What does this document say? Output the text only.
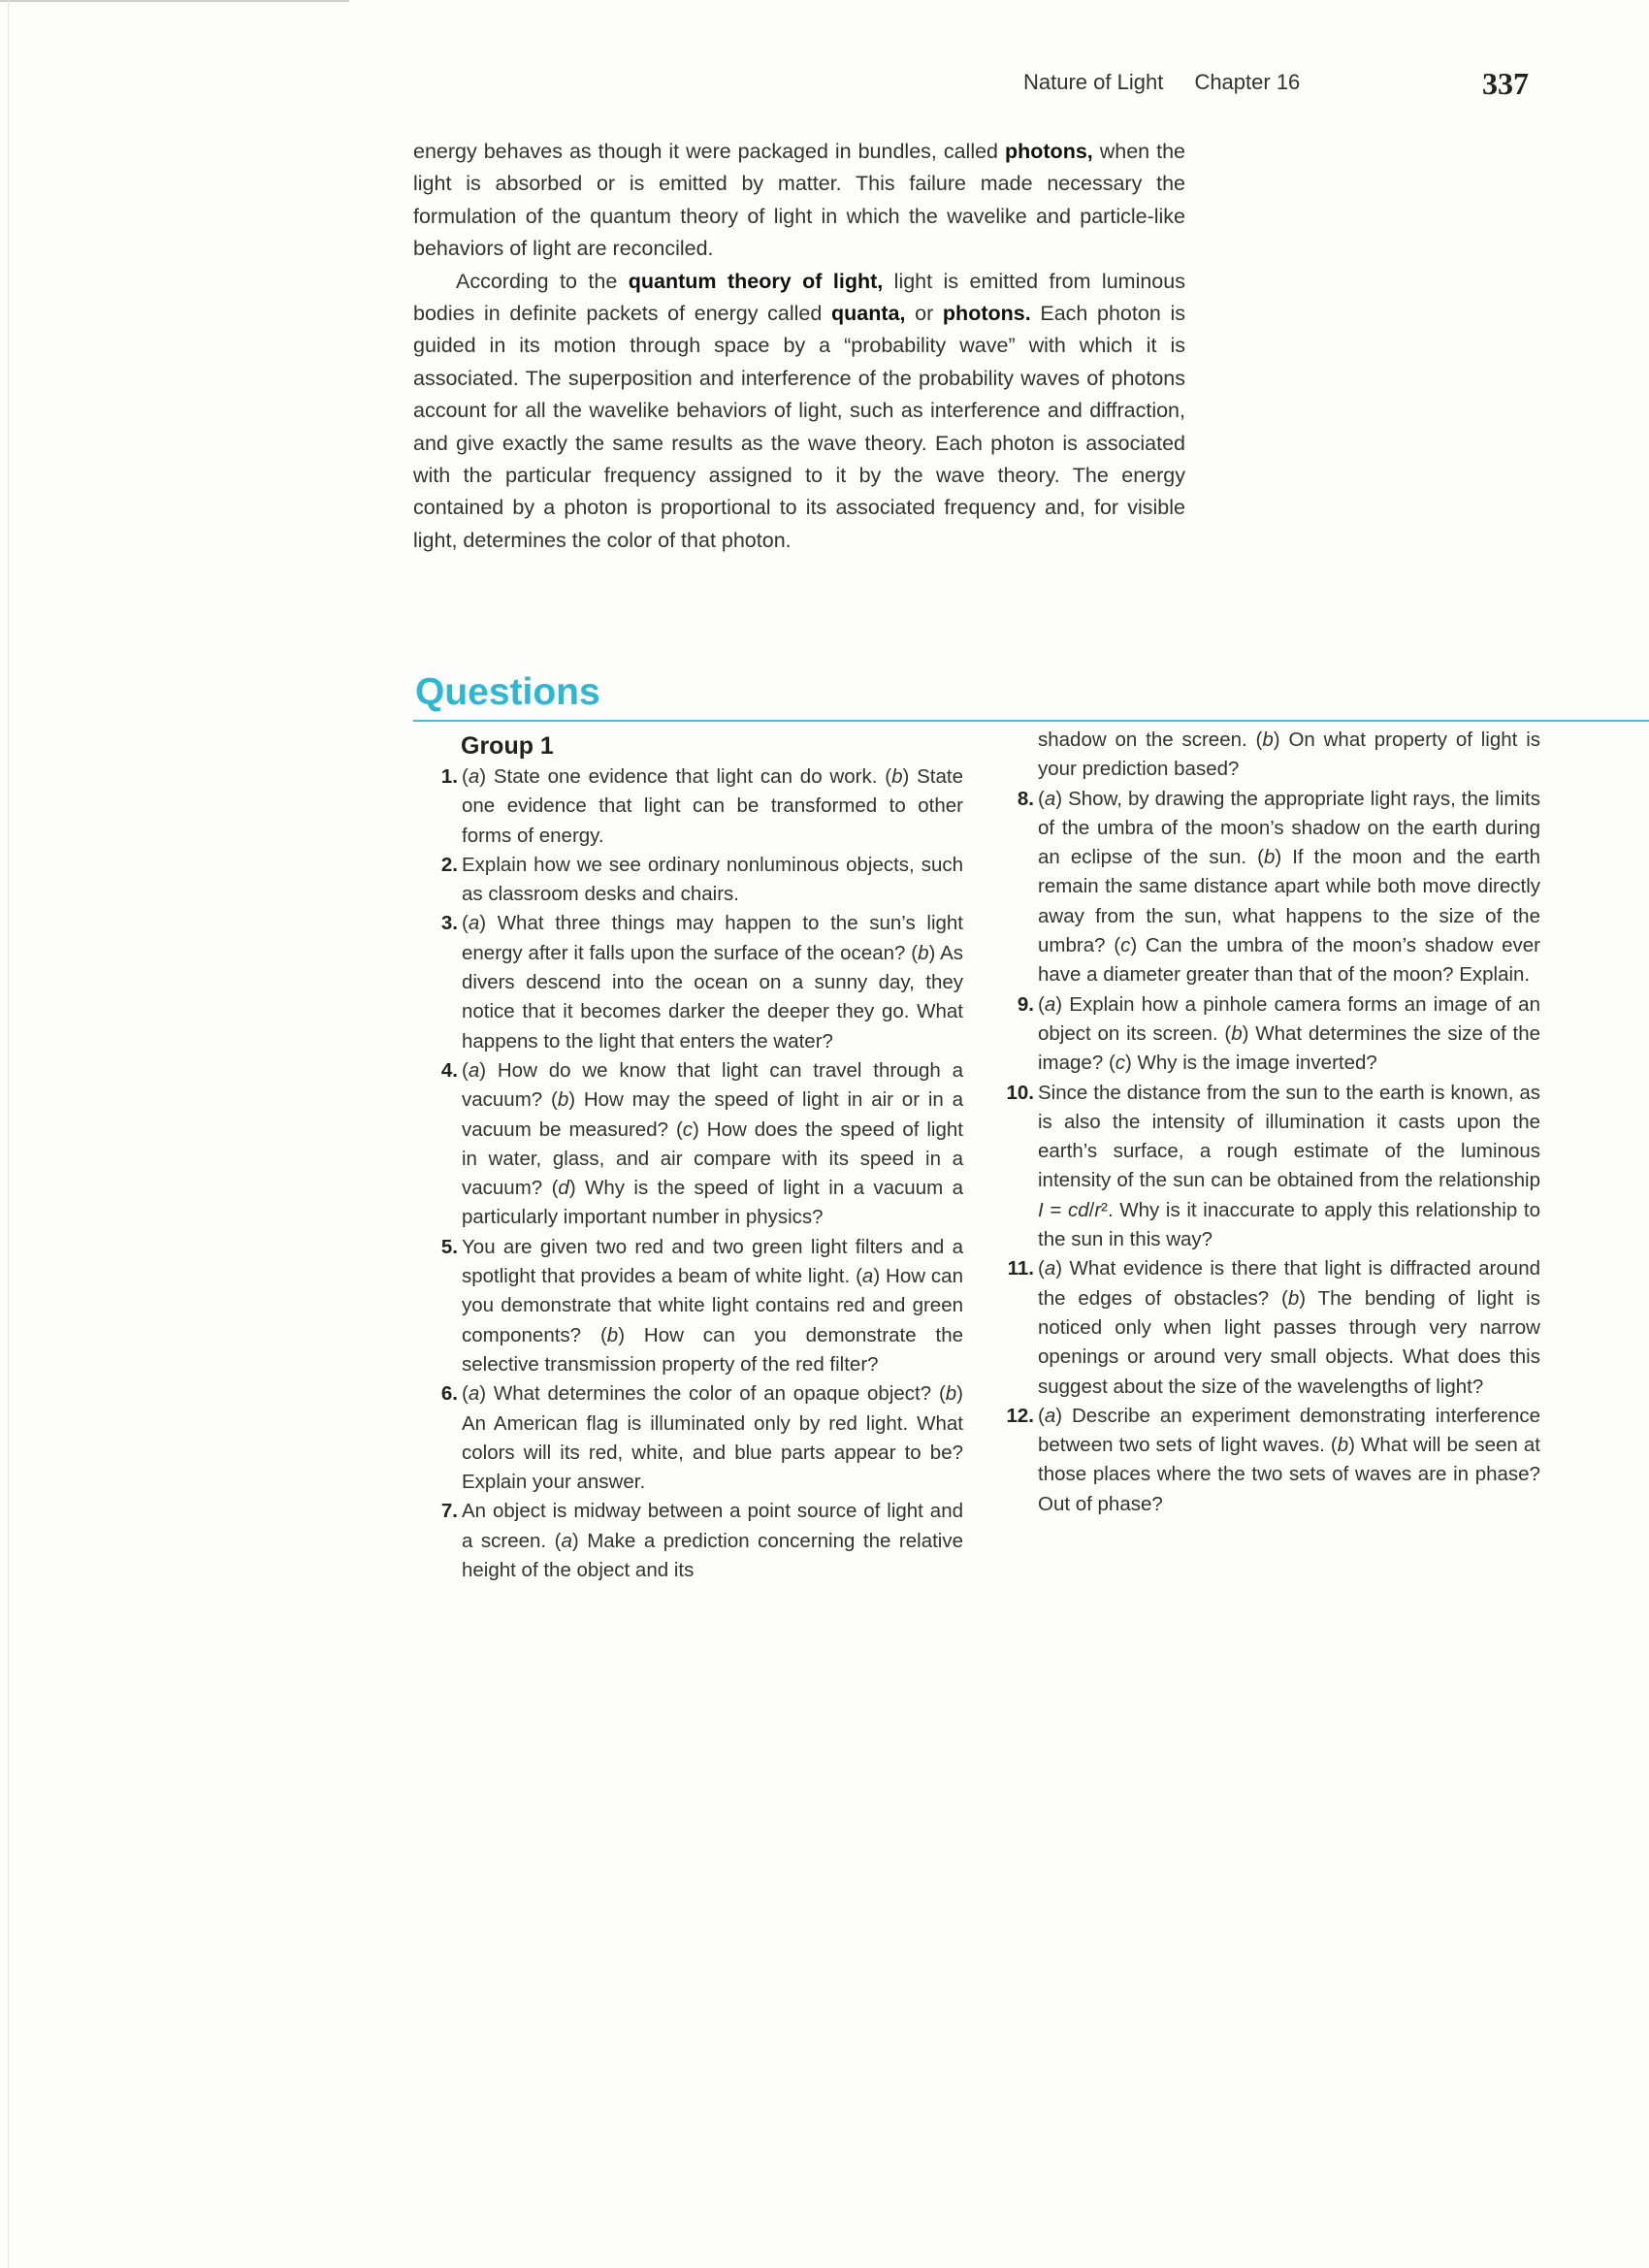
Nature of Light Chapter 16	337

energy behaves as though it were packaged in bundles, called photons, when the light is absorbed or is emitted by matter. This failure made necessary the formulation of the quantum theory of light in which the wavelike and particle-like behaviors of light are reconciled.

According to the quantum theory of light, light is emitted from luminous bodies in definite packets of energy called quanta, or photons. Each photon is guided in its motion through space by a “probability wave” with which it is associated. The superposition and interference of the probability waves of photons account for all the wavelike behaviors of light, such as interference and diffraction, and give exactly the same results as the wave theory. Each photon is associated with the particular frequency assigned to it by the wave theory. The energy contained by a photon is proportional to its associated frequency and, for visible light, determines the color of that photon.

Questions
Group 1
1. (a) State one evidence that light can do work. (b) State one evidence that light can be transformed to other forms of energy.
2. Explain how we see ordinary nonluminous objects, such as classroom desks and chairs.
3. (a) What three things may happen to the sun’s light energy after it falls upon the surface of the ocean? (b) As divers descend into the ocean on a sunny day, they notice that it becomes darker the deeper they go. What happens to the light that enters the water?
4. (a) How do we know that light can travel through a vacuum? (b) How may the speed of light in air or in a vacuum be measured? (c) How does the speed of light in water, glass, and air compare with its speed in a vacuum? (d) Why is the speed of light in a vacuum a particularly important number in physics?
5. You are given two red and two green light filters and a spotlight that provides a beam of white light. (a) How can you demonstrate that white light contains red and green components? (b) How can you demonstrate the selective transmission property of the red filter?
6. (a) What determines the color of an opaque object? (b) An American flag is illuminated only by red light. What colors will its red, white, and blue parts appear to be? Explain your answer.
7. An object is midway between a point source of light and a screen. (a) Make a prediction concerning the relative height of the object and its
shadow on the screen. (b) On what property of light is your prediction based?
8. (a) Show, by drawing the appropriate light rays, the limits of the umbra of the moon’s shadow on the earth during an eclipse of the sun. (b) If the moon and the earth remain the same distance apart while both move directly away from the sun, what happens to the size of the umbra? (c) Can the umbra of the moon’s shadow ever have a diameter greater than that of the moon? Explain.
9. (a) Explain how a pinhole camera forms an image of an object on its screen. (b) What determines the size of the image? (c) Why is the image inverted?
10. Since the distance from the sun to the earth is known, as is also the intensity of illumination it casts upon the earth’s surface, a rough estimate of the luminous intensity of the sun can be obtained from the relationship I = cd/r². Why is it inaccurate to apply this relationship to the sun in this way?
11. (a) What evidence is there that light is diffracted around the edges of obstacles? (b) The bending of light is noticed only when light passes through very narrow openings or around very small objects. What does this suggest about the size of the wavelengths of light?
12. (a) Describe an experiment demonstrating interference between two sets of light waves. (b) What will be seen at those places where the two sets of waves are in phase? Out of phase?
